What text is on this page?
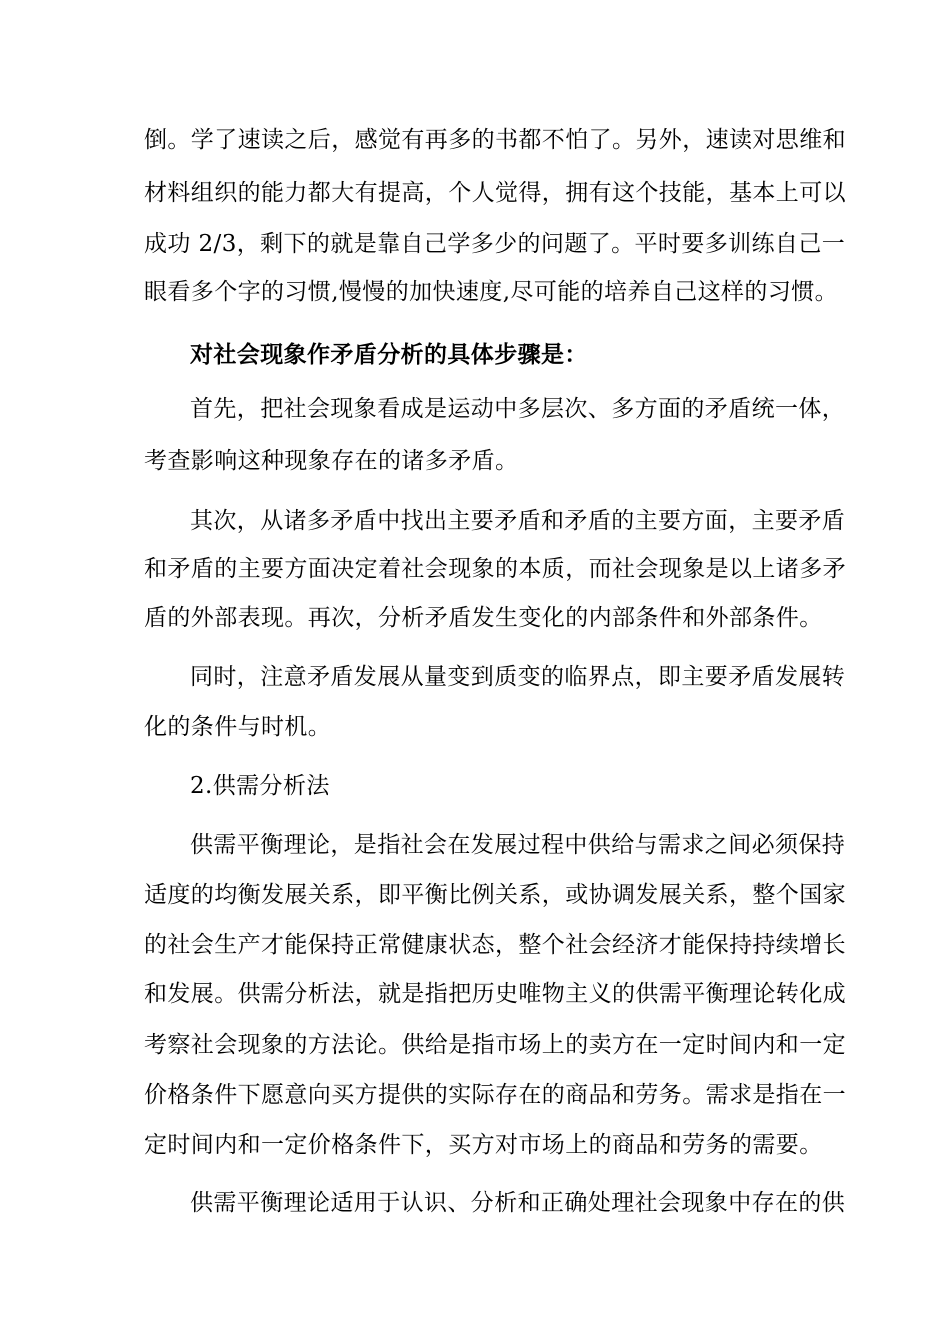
倒。学了速读之后，感觉有再多的书都不怕了。另外，速读对思维和
材料组织的能力都大有提高，个人觉得，拥有这个技能，基本上可以
成功 2/3，剩下的就是靠自己学多少的问题了。平时要多训练自己一
眼看多个字的习惯,慢慢的加快速度,尽可能的培养自己这样的习惯。
对社会现象作矛盾分析的具体步骤是：
首先，把社会现象看成是运动中多层次、多方面的矛盾统一体，
考查影响这种现象存在的诸多矛盾。
其次，从诸多矛盾中找出主要矛盾和矛盾的主要方面，主要矛盾
和矛盾的主要方面决定着社会现象的本质，而社会现象是以上诸多矛
盾的外部表现。再次，分析矛盾发生变化的内部条件和外部条件。
同时，注意矛盾发展从量变到质变的临界点，即主要矛盾发展转
化的条件与时机。
2.供需分析法
供需平衡理论，是指社会在发展过程中供给与需求之间必须保持
适度的均衡发展关系，即平衡比例关系，或协调发展关系，整个国家
的社会生产才能保持正常健康状态，整个社会经济才能保持持续增长
和发展。供需分析法，就是指把历史唯物主义的供需平衡理论转化成
考察社会现象的方法论。供给是指市场上的卖方在一定时间内和一定
价格条件下愿意向买方提供的实际存在的商品和劳务。需求是指在一
定时间内和一定价格条件下，买方对市场上的商品和劳务的需要。
供需平衡理论适用于认识、分析和正确处理社会现象中存在的供
